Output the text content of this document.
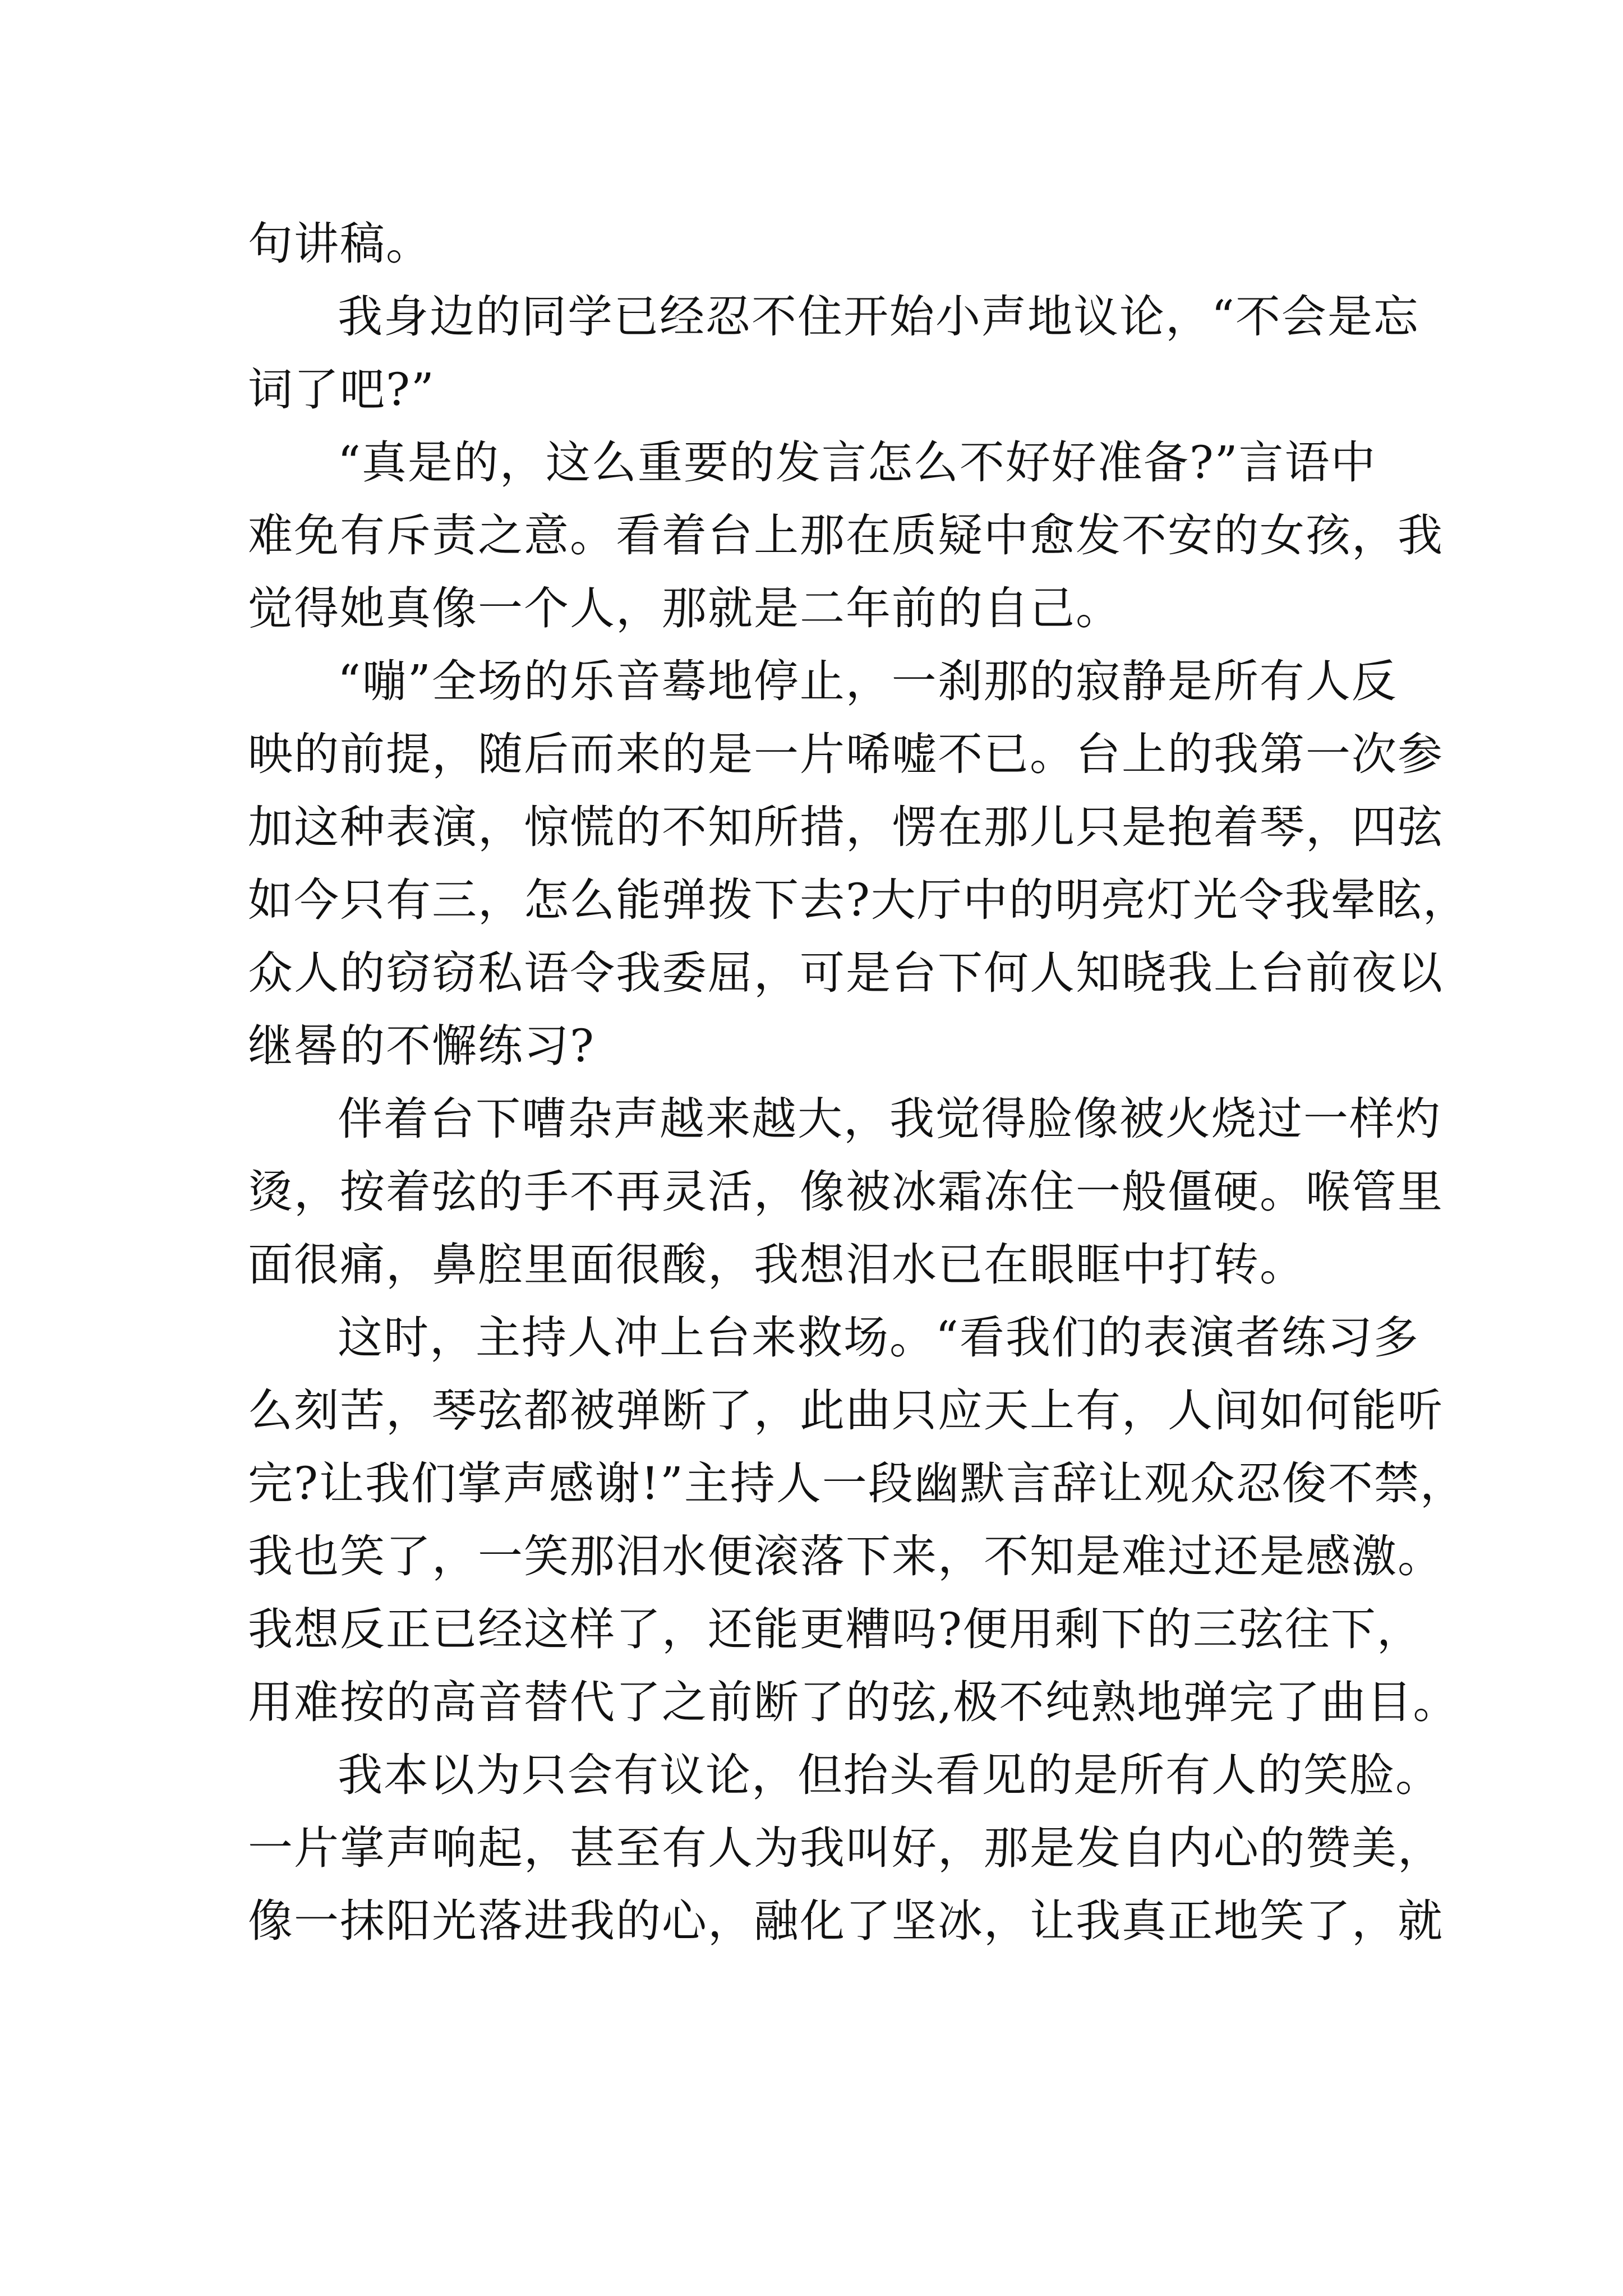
句讲稿。
我身边的同学已经忍不住开始小声地议论，“不会是忘
词了吧?”
“真是的，这么重要的发言怎么不好好准备?”言语中
难免有斥责之意。看着台上那在质疑中愈发不安的女孩，我
觉得她真像一个人，那就是二年前的自己。
“嘣”全场的乐音蓦地停止，一刹那的寂静是所有人反
映的前提，随后而来的是一片唏嘘不已。台上的我第一次参
加这种表演，惊慌的不知所措，愣在那儿只是抱着琴，四弦
如今只有三，怎么能弹拨下去?大厅中的明亮灯光令我晕眩，
众人的窃窃私语令我委屈，可是台下何人知晓我上台前夜以
继晷的不懈练习?
伴着台下嘈杂声越来越大，我觉得脸像被火烧过一样灼
烫，按着弦的手不再灵活，像被冰霜冻住一般僵硬。喉管里
面很痛，鼻腔里面很酸，我想泪水已在眼眶中打转。
这时，主持人冲上台来救场。“看我们的表演者练习多
么刻苦，琴弦都被弹断了，此曲只应天上有，人间如何能听
完?让我们掌声感谢!”主持人一段幽默言辞让观众忍俊不禁，
我也笑了，一笑那泪水便滚落下来，不知是难过还是感激。
我想反正已经这样了，还能更糟吗?便用剩下的三弦往下，
用难按的高音替代了之前断了的弦,极不纯熟地弹完了曲目。
我本以为只会有议论，但抬头看见的是所有人的笑脸。
一片掌声响起，甚至有人为我叫好，那是发自内心的赞美，
像一抹阳光落进我的心，融化了坚冰，让我真正地笑了，就
